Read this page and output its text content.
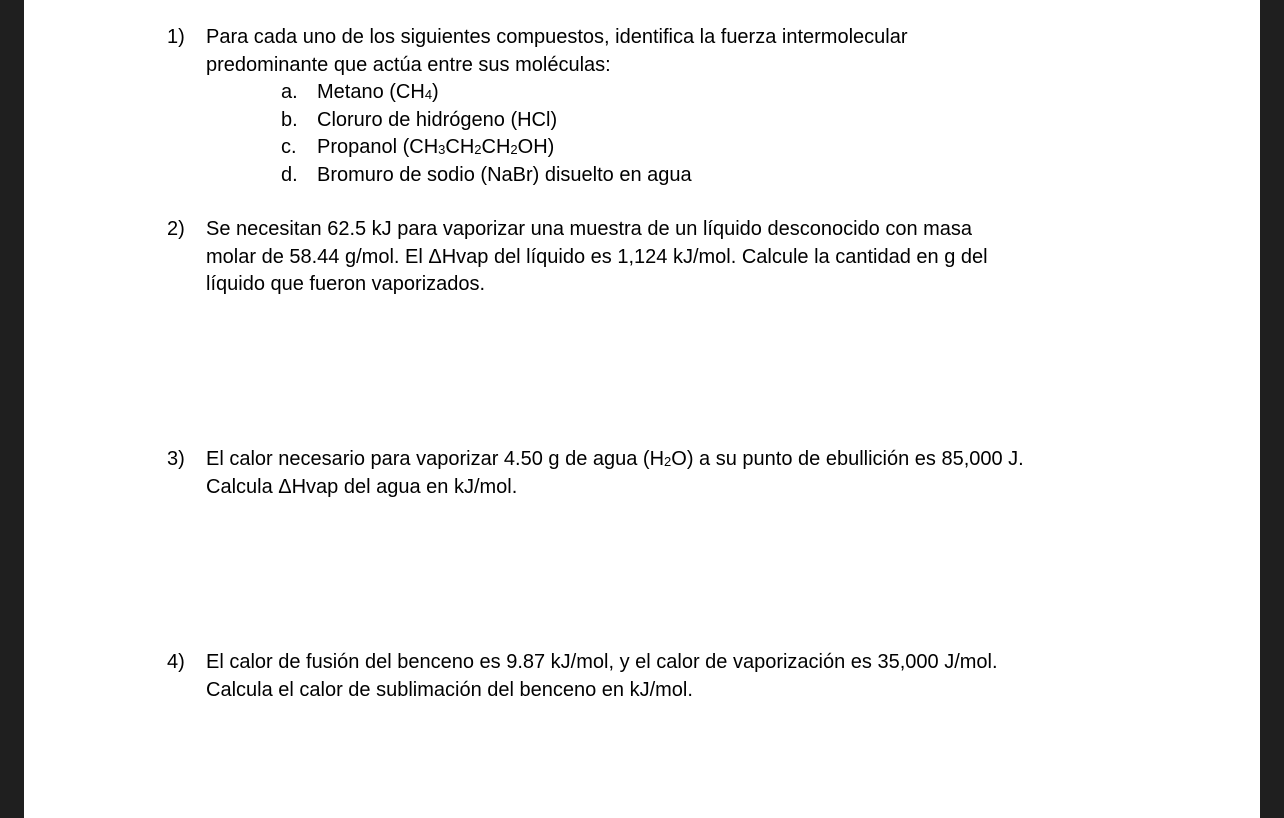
1) Para cada uno de los siguientes compuestos, identifica la fuerza intermolecular
predominante que actúa entre sus moléculas:
a. Metano $(CH_4)$
b. Cloruro de hidrógeno (HCl)
c. Propanol $(CH_3CH_2CH_2OH)$
d. Bromuro de sodio (NaBr) disuelto en agua
2) Se necesitan 62.5 kJ para vaporizar una muestra de un líquido desconocido con masa
molar de 58.44 g/mol. El ΔHvap del líquido es 1,124 kJ/mol. Calcule la cantidad en g del
líquido que fueron vaporizados.
3) El calor necesario para vaporizar 4.50 g de agua $(H_2O)$ a su punto de ebullición es 85,000 J.
Calcula ΔHvap del agua en kJ/mol.
4) El calor de fusión del benceno es 9.87 kJ/mol, y el calor de vaporización es 35,000 J/mol.
Calcula el calor de sublimación del benceno en kJ/mol.
